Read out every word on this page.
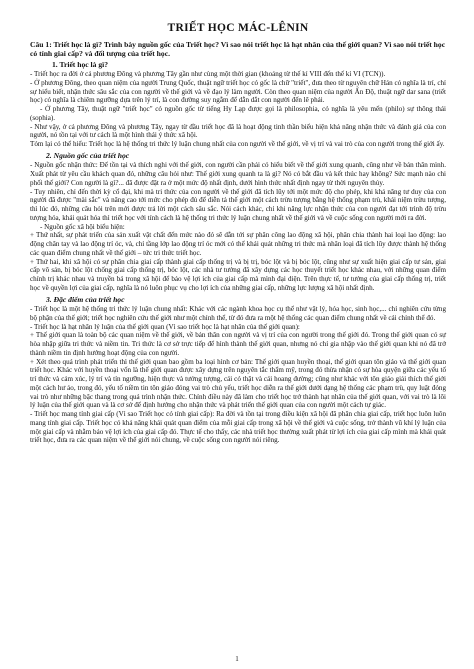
TRIẾT HỌC MÁC-LÊNIN

Câu 1: Triết học là gì? Trình bày nguồn gốc của Triết học? Vì sao nói triết học là hạt nhân của thế giới quan? Vì sao nói triết học có tính giai cấp? và đối tượng của triết học.

1. Triết học là gì?

- Triết học ra đời ở cả phương Đông và phương Tây gần như cùng một thời gian (khoảng từ thế kỉ VIII đến thế kỉ VI (TCN)).

- Ở phương Đông, theo quan niệm của người Trung Quốc, thuật ngữ triết học có gốc là chữ "triết", đưa theo từ nguyên chữ Hán có nghĩa là trí, chỉ sự hiểu biết, nhận thức sâu sắc của con người về thế giới và về đạo lý làm người. Còn theo quan niệm của người Ấn Độ, thuật ngữ dar sana (triết học) có nghĩa là chiêm ngưỡng dựa trên lý trí, là con đường suy ngẫm để dẫn dắt con người đến lẽ phải.

- Ở phương Tây, thuật ngữ "triết học" có nguồn gốc từ tiếng Hy Lạp được gọi là philosophia, có nghĩa là yêu mến (philo) sự thông thái (sophia).

- Như vậy, ở cả phương Đông và phương Tây, ngay từ đầu triết học đã là hoạt động tinh thần biểu hiện khả năng nhận thức và đánh giá của con người, nó tồn tại với tư cách là một hình thái ý thức xã hội.

Tóm lại có thể hiểu: Triết học là hệ thống tri thức lý luận chung nhất của con người về thế giới, về vị trí và vai trò của con người trong thế giới ấy.

2. Nguồn gốc của triết học

- Nguồn gốc nhận thức: Để tồn tại và thích nghi với thế giới, con người cần phải có hiểu biết về thế giới xung quanh, cũng như về bản thân mình. Xuất phát từ yêu cầu khách quan đó, những câu hỏi như: Thế giới xung quanh ta là gì? Nó có bắt đầu và kết thúc hay không? Sức mạnh nào chi phối thế giới? Con người là gì?... đã được đặt ra ở một mức độ nhất định, dưới hình thức nhất định ngay từ thời nguyên thủy.

- Tuy nhiên, chỉ đến thời kỳ cổ đại, khi mà tri thức của con người về thế giới đã tích lũy tới một mức độ cho phép, khi khả năng tư duy của con người đã được "mài sắc" và nâng cao tới mức cho phép đủ để diễn tả thế giới một cách trừu tượng bằng hệ thống phạm trù, khái niệm trừu tượng, thì lúc đó, những câu hỏi trên mới được trả lời một cách sâu sắc. Nói cách khác, chỉ khi năng lực nhận thức của con người đạt tới trình độ trừu tượng hóa, khái quát hóa thì triết học với tính cách là hệ thống tri thức lý luận chung nhất về thế giới và về cuộc sống con người mới ra đời.

- Nguồn gốc xã hội biểu hiện:

+ Thứ nhất, sự phát triển của sản xuất vật chất đến mức nào đó sẽ dẫn tới sự phân công lao động xã hội, phân chia thành hai loại lao động: lao động chân tay và lao động trí óc, và, chỉ tầng lớp lao động trí óc mới có thể khái quát những tri thức mà nhân loại đã tích lũy được thành hệ thống các quan điểm chung nhất về thế giới – tức tri thức triết học.

+ Thứ hai, khi xã hội có sự phân chia giai cấp thành giai cấp thống trị và bị trị, bóc lột và bị bóc lột, cũng như sự xuất hiện giai cấp tư sản, giai cấp vô sản, bị bóc lột chống giai cấp thống trị, bóc lột, các nhà tư tưởng đã xây dựng các học thuyết triết học khác nhau, với những quan điểm chính trị khác nhau và truyền bá trong xã hội để bảo vệ lợi ích của giai cấp mà mình đại diện. Trên thực tế, tư tưởng của giai cấp thống trị, triết học về quyền lợi của giai cấp, nghĩa là nó luôn phục vụ cho lợi ích của những giai cấp, những lực lượng xã hội nhất định.

3. Đặc điểm của triết học

- Triết học là một hệ thống tri thức lý luận chung nhất: Khác với các ngành khoa học cụ thể như vật lý, hóa học, sinh học,... chỉ nghiên cứu từng bộ phận của thế giới; triết học nghiên cứu thế giới như một chỉnh thể, từ đó đưa ra một hệ thống các quan điểm chung nhất về cái chỉnh thể đó.

- Triết học là hạt nhân lý luận của thế giới quan (Vì sao triết học là hạt nhân của thế giới quan):

+ Thế giới quan là toàn bộ các quan niệm về thế giới, về bản thân con người và vị trí của con người trong thế giới đó. Trong thế giới quan có sự hòa nhập giữa tri thức và niềm tin. Tri thức là cơ sở trực tiếp để hình thành thế giới quan, nhưng nó chỉ gia nhập vào thế giới quan khi nó đã trở thành niềm tin định hướng hoạt động của con người.

+ Xét theo quá trình phát triển thì thế giới quan bao gồm ba loại hình cơ bản: Thế giới quan huyền thoại, thế giới quan tôn giáo và thế giới quan triết học. Khác với huyền thoại vốn là thế giới quan được xây dựng trên nguyên tắc thẩm mỹ, trong đó thừa nhận có sự hòa quyện giữa các yếu tố trí thức và cảm xúc, lý trí và tín ngưỡng, hiện thực và tưởng tượng, cái có thật và cái hoang đường; cũng như khác với tôn giáo giải thích thế giới một cách hư ảo, trong đó, yếu tố niềm tin tôn giáo đóng vai trò chủ yếu, triết học diễn ra thế giới dưới dạng hệ thống các phạm trù, quy luật đóng vai trò như những bậc thang trong quá trình nhận thức. Chính điều này đã làm cho triết học trở thành hạt nhân của thế giới quan, với vai trò là lõi lý luận của thế giới quan và là cơ sở để định hướng cho nhận thức và phát triển thế giới quan của con người một cách tự giác.

- Triết học mang tính giai cấp (Vì sao Triết học có tính giai cấp): Ra đời và tồn tại trong điều kiện xã hội đã phân chia giai cấp, triết học luôn luôn mang tính giai cấp. Triết học có khả năng khái quát quan điểm của mỗi giai cấp trong xã hội về thế giới và cuộc sống, trở thành vũ khí lý luận của một giai cấp và nhằm bảo vệ lợi ích của giai cấp đó. Thực tế cho thấy, các nhà triết học thường xuất phát từ lợi ích của giai cấp mình mà khái quát triết học, đưa ra các quan niệm về thế giới nói chung, về cuộc sống con người nói riêng.

1
